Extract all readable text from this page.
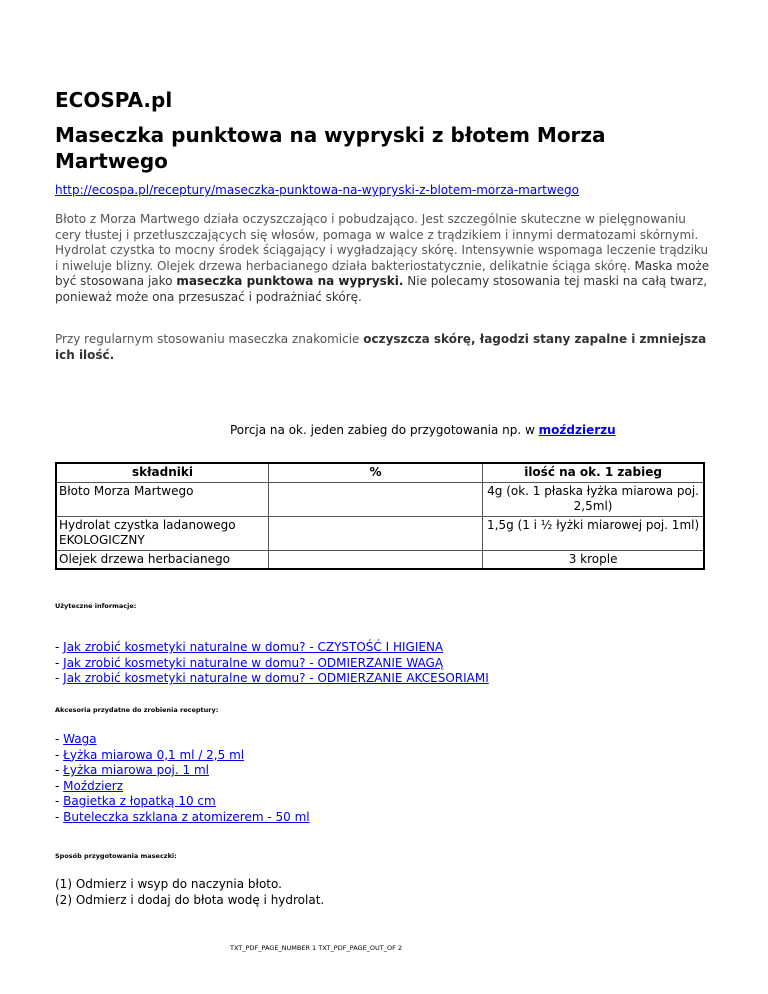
ECOSPA.pl
Maseczka punktowa na wypryski z błotem Morza Martwego
http://ecospa.pl/receptury/maseczka-punktowa-na-wypryski-z-blotem-morza-martwego

Błoto z Morza Martwego działa oczyszczająco i pobudzająco. Jest szczególnie skuteczne w pielęgnowaniu cery tłustej i przetłuszczających się włosów, pomaga w walce z trądzikiem i innymi dermatozami skórnymi. Hydrolat czystka to mocny środek ściągający i wygładzający skórę. Intensywnie wspomaga leczenie trądziku i niweluje blizny. Olejek drzewa herbacianego działa bakteriostatycznie, delikatnie ściąga skórę. Maska może być stosowana jako maseczka punktowa na wypryski. Nie polecamy stosowania tej maski na całą twarz, ponieważ może ona przesuszać i podrażniać skórę.

Przy regularnym stosowaniu maseczka znakomicie oczyszcza skórę, łagodzi stany zapalne i zmniejsza ich ilość.

Porcja na ok. jeden zabieg do przygotowania np. w moździerzu
składniki	%	ilość na ok. 1 zabieg
Błoto Morza Martwego		4g (ok. 1 płaska łyżka miarowa poj. 2,5ml)
Hydrolat czystka ladanowego EKOLOGICZNY		1,5g (1 i ½ łyżki miarowej poj. 1ml)
Olejek drzewa herbacianego		3 krople
Użyteczne informacje:
- Jak zrobić kosmetyki naturalne w domu? - CZYSTOŚĆ I HIGIENA
- Jak zrobić kosmetyki naturalne w domu? - ODMIERZANIE WAGĄ
- Jak zrobić kosmetyki naturalne w domu? - ODMIERZANIE AKCESORIAMI
Akcesoria przydatne do zrobienia receptury:
- Waga
- Łyżka miarowa 0,1 ml / 2,5 ml
- Łyżka miarowa poj. 1 ml
- Moździerz
- Bagietka z łopatką 10 cm
- Buteleczka szklana z atomizerem - 50 ml
Sposób przygotowania maseczki:
(1) Odmierz i wsyp do naczynia błoto.
(2) Odmierz i dodaj do błota wodę i hydrolat.
TXT_PDF_PAGE_NUMBER 1 TXT_PDF_PAGE_OUT_OF 2
